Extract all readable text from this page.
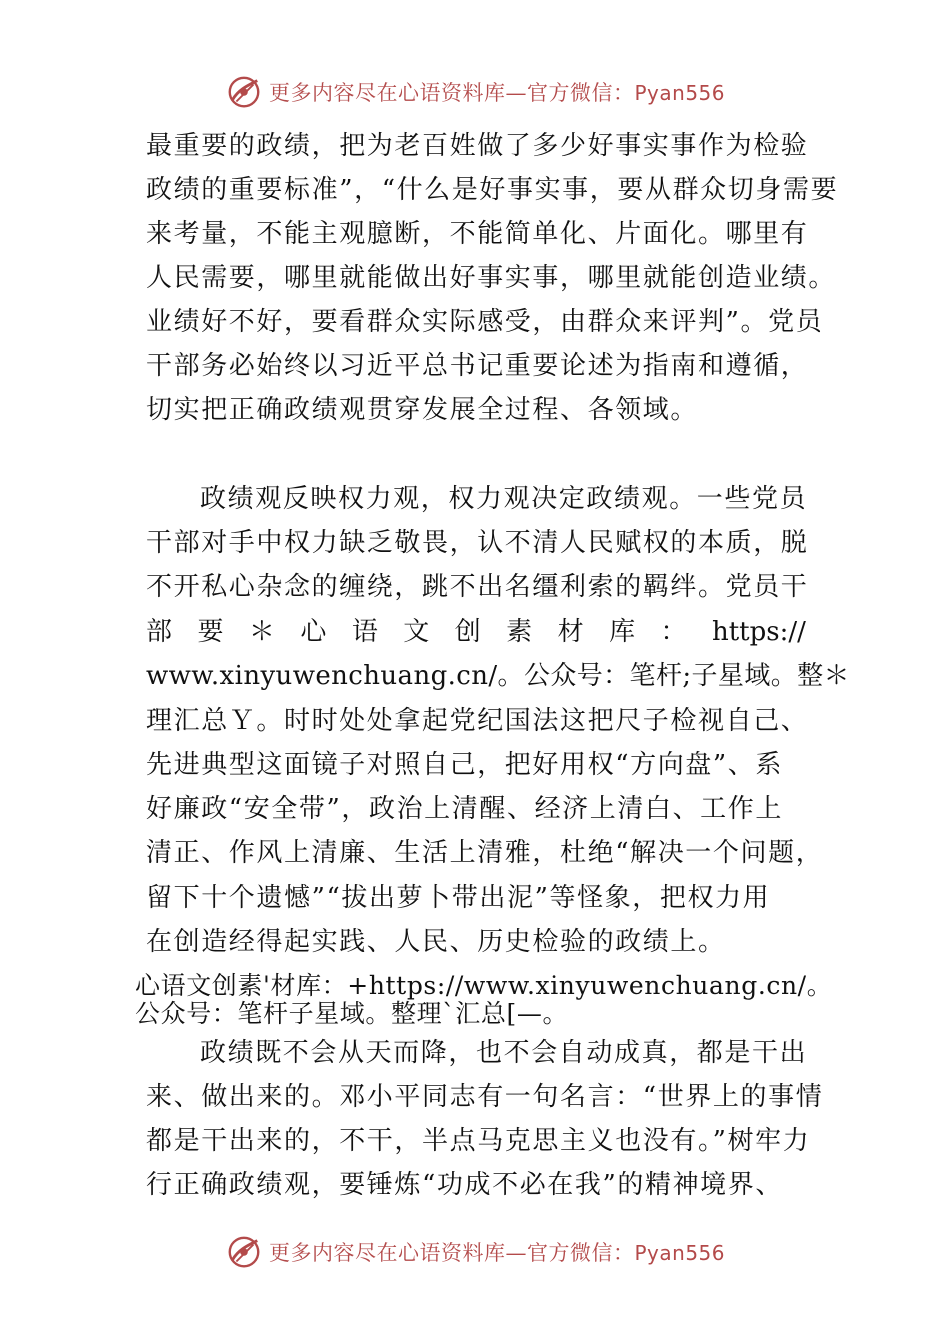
更多内容尽在心语资料库—官方微信：Pyan556
最重要的政绩，把为老百姓做了多少好事实事作为检验
政绩的重要标准”，“什么是好事实事，要从群众切身需要
来考量，不能主观臆断，不能简单化、片面化。哪里有
人民需要，哪里就能做出好事实事，哪里就能创造业绩。
业绩好不好，要看群众实际感受，由群众来评判”。党员
干部务必始终以习近平总书记重要论述为指南和遵循，
切实把正确政绩观贯穿发展全过程、各领域。
政绩观反映权力观，权力观决定政绩观。一些党员
干部对手中权力缺乏敬畏，认不清人民赋权的本质，脱
不开私心杂念的缠绕，跳不出名缰利索的羁绊。党员干
部 要 ＊ 心 语 文 创 素 材 库 ： https://
www.xinyuwenchuang.cn/。公众号：笔杆;子星域。整＊
理汇总Ｙ。时时处处拿起党纪国法这把尺子检视自己、
先进典型这面镜子对照自己，把好用权“方向盘”、系
好廉政“安全带”，政治上清醒、经济上清白、工作上
清正、作风上清廉、生活上清雅，杜绝“解决一个问题，
留下十个遗憾”“拔出萝卜带出泥”等怪象，把权力用
在创造经得起实践、人民、历史检验的政绩上。
心语文创素'材库：+https://www.xinyuwenchuang.cn/。
公众号：笔杆子星域。整理`汇总[—。
政绩既不会从天而降，也不会自动成真，都是干出
来、做出来的。邓小平同志有一句名言：“世界上的事情
都是干出来的，不干，半点马克思主义也没有。”树牢力
行正确政绩观，要锤炼“功成不必在我”的精神境界、
更多内容尽在心语资料库—官方微信：Pyan556
